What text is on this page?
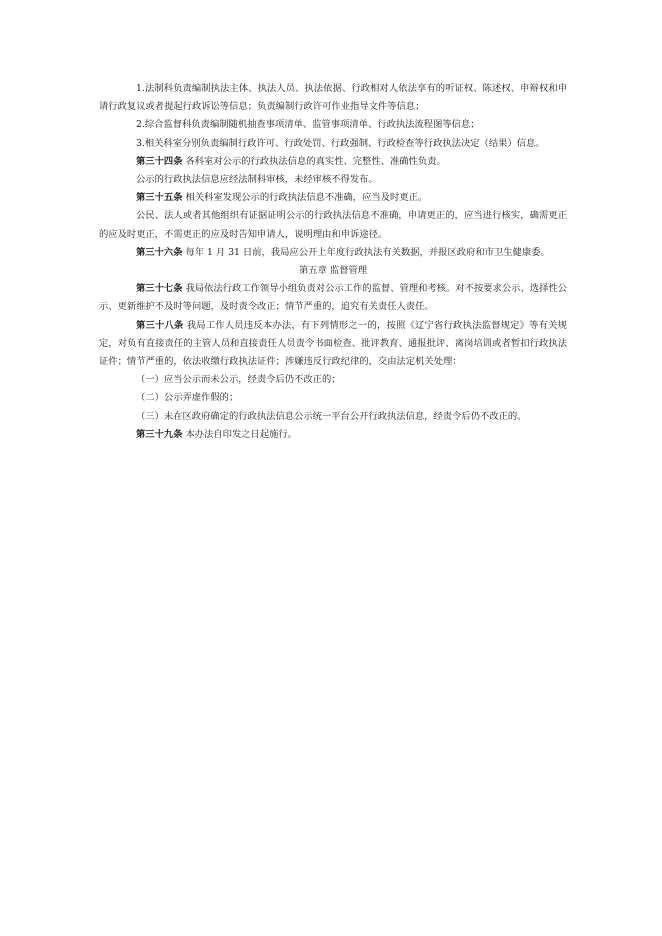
1.法制科负责编制执法主体、执法人员、执法依据、行政相对人依法享有的听证权、陈述权、申辩权和申请行政复议或者提起行政诉讼等信息；负责编制行政许可作业指导文件等信息；

2.综合监督科负责编制随机抽查事项清单、监管事项清单、行政执法流程图等信息；

3.相关科室分别负责编制行政许可、行政处罚、行政强制、行政检查等行政执法决定（结果）信息。

第三十四条 各科室对公示的行政执法信息的真实性、完整性、准确性负责。

公示的行政执法信息应经法制科审核，未经审核不得发布。

第三十五条 相关科室发现公示的行政执法信息不准确，应当及时更正。

公民、法人或者其他组织有证据证明公示的行政执法信息不准确，申请更正的，应当进行核实，确需更正的应及时更正，不需更正的应及时告知申请人，说明理由和申诉途径。

第三十六条 每年 1 月 31 日前，我局应公开上年度行政执法有关数据，并报区政府和市卫生健康委。

第五章 监督管理

第三十七条 我局依法行政工作领导小组负责对公示工作的监督、管理和考核。对不按要求公示、选择性公示、更新维护不及时等问题，及时责令改正；情节严重的，追究有关责任人责任。

第三十八条 我局工作人员违反本办法，有下列情形之一的，按照《辽宁省行政执法监督规定》等有关规定，对负有直接责任的主管人员和直接责任人员责令书面检查、批评教育、通报批评、离岗培训或者暂扣行政执法证件；情节严重的，依法收缴行政执法证件；涉嫌违反行政纪律的，交由法定机关处理：

（一）应当公示而未公示，经责令后仍不改正的；

（二）公示弄虚作假的；

（三）未在区政府确定的行政执法信息公示统一平台公开行政执法信息，经责令后仍不改正的。

第三十九条 本办法自印发之日起施行。
